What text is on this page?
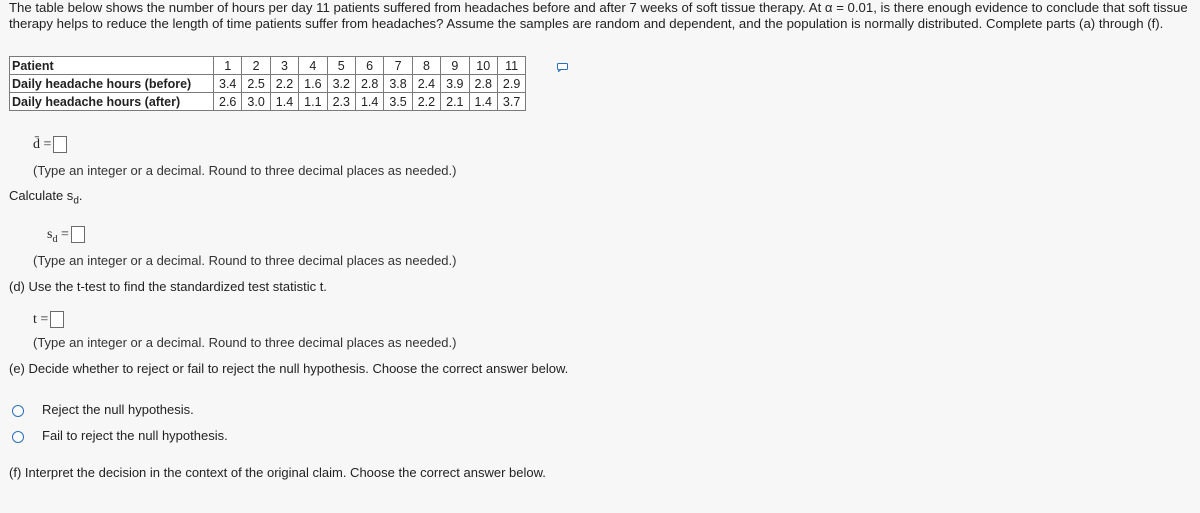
The table below shows the number of hours per day 11 patients suffered from headaches before and after 7 weeks of soft tissue therapy. At α = 0.01, is there enough evidence to conclude that soft tissue therapy helps to reduce the length of time patients suffer from headaches? Assume the samples are random and dependent, and the population is normally distributed. Complete parts (a) through (f).
Patient	1	2	3	4	5	6	7	8	9	10	11
Daily headache hours (before)	3.4	2.5	2.2	1.6	3.2	2.8	3.8	2.4	3.9	2.8	2.9
Daily headache hours (after)	2.6	3.0	1.4	1.1	2.3	1.4	3.5	2.2	2.1	1.4	3.7
d̄ =
(Type an integer or a decimal. Round to three decimal places as needed.)
Calculate $s_d$.
$s_d$ =
(Type an integer or a decimal. Round to three decimal places as needed.)
(d) Use the t-test to find the standardized test statistic t.
t =
(Type an integer or a decimal. Round to three decimal places as needed.)
(e) Decide whether to reject or fail to reject the null hypothesis. Choose the correct answer below.
Reject the null hypothesis.
Fail to reject the null hypothesis.
(f) Interpret the decision in the context of the original claim. Choose the correct answer below.
